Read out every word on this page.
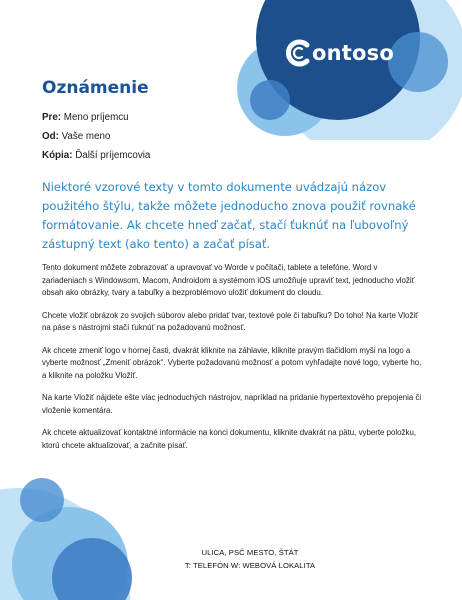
ontoso
Oznámenie
Pre: Meno príjemcu
Od: Vaše meno
Kópia: Ďalší príjemcovia

Niektoré vzorové texty v tomto dokumente uvádzajú názov použitého štýlu, takže môžete jednoducho znova použiť rovnaké formátovanie. Ak chcete hneď začať, stačí ťuknúť na ľubovoľný zástupný text (ako tento) a začať písať.

Tento dokument môžete zobrazovať a upravovať vo Worde v počítači, tablete a telefóne. Word v zariadeniach s Windowsom, Macom, Androidom a systémom iOS umožňuje upraviť text, jednoducho vložiť obsah ako obrázky, tvary a tabuľky a bezproblémovo uložiť dokument do cloudu.

Chcete vložiť obrázok zo svojich súborov alebo pridať tvar, textové pole či tabuľku? Do toho! Na karte Vložiť na páse s nástrojmi stačí ťuknúť na požadovanú možnosť.

Ak chcete zmeniť logo v hornej časti, dvakrát kliknite na záhlavie, kliknite pravým tlačidlom myši na logo a vyberte možnosť „Zmeniť obrázok“. Vyberte požadovanú možnosť a potom vyhľadajte nové logo, vyberte ho, a kliknite na položku Vložiť.

Na karte Vložiť nájdete ešte viac jednoduchých nástrojov, napríklad na pridanie hypertextového prepojenia či vloženie komentára.

Ak chcete aktualizovať kontaktné informácie na konci dokumentu, kliknite dvakrát na pätu, vyberte položku, ktorú chcete aktualizovať, a začnite písať.

ULICA, PSČ MESTO, ŠTÁT
T: TELEFÓN W: WEBOVÁ LOKALITA
